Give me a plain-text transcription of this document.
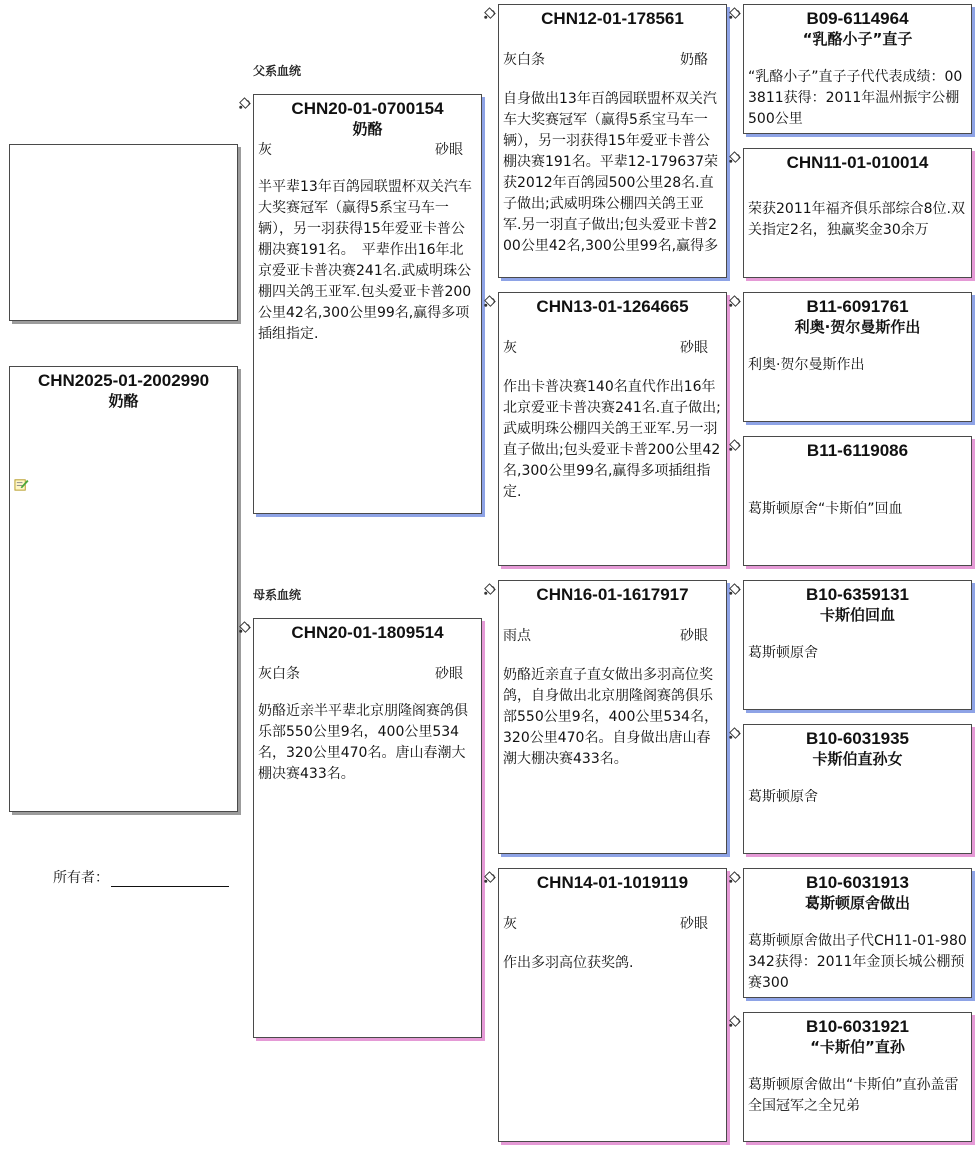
父系血统
母系血统
CHN2025-01-2002990
奶酪
所有者：
CHN20-01-0700154
奶酪
灰	砂眼
半平辈13年百鸽园联盟杯双关汽车大奖赛冠军（赢得5系宝马车一辆），另一羽获得15年爱亚卡普公棚决赛191名。　平辈作出16年北京爱亚卡普决赛241名.武威明珠公棚四关鸽王亚军.包头爱亚卡普200公里42名,300公里99名,赢得多项插组指定.
CHN20-01-1809514
灰白条	砂眼
奶酪近亲半平辈北京朋隆阁赛鸽俱乐部550公里9名，400公里534名，320公里470名。唐山春潮大棚决赛433名。
CHN12-01-178561
灰白条	奶酪
自身做出13年百鸽园联盟杯双关汽车大奖赛冠军（赢得5系宝马车一辆），另一羽获得15年爱亚卡普公棚决赛191名。平辈12-179637荣获2012年百鸽园500公里28名.直子做出;武威明珠公棚四关鸽王亚军.另一羽直子做出;包头爱亚卡普200公里42名,300公里99名,赢得多
CHN13-01-1264665
灰	砂眼
作出卡普决赛140名直代作出16年北京爱亚卡普决赛241名.直子做出;武威明珠公棚四关鸽王亚军.另一羽直子做出;包头爱亚卡普200公里42名,300公里99名,赢得多项插组指定.
CHN16-01-1617917
雨点	砂眼
奶酪近亲直子直女做出多羽高位奖鸽，自身做出北京朋隆阁赛鸽俱乐部550公里9名，400公里534名，320公里470名。自身做出唐山春潮大棚决赛433名。
CHN14-01-1019119
灰	砂眼
作出多羽高位获奖鸽.
B09-6114964
“乳酪小子”直子
“乳酪小子”直子子代代表成绩：003811获得：2011年温州振宇公棚500公里
CHN11-01-010014
荣获2011年福齐俱乐部综合8位.双关指定2名，独赢奖金30余万
B11-6091761
利奥·贺尔曼斯作出
利奥·贺尔曼斯作出
B11-6119086
葛斯顿原舍“卡斯伯”回血
B10-6359131
卡斯伯回血
葛斯顿原舍
B10-6031935
卡斯伯直孙女
葛斯顿原舍
B10-6031913
葛斯顿原舍做出
葛斯顿原舍做出子代CH11-01-980342获得：2011年金顶长城公棚预赛300
B10-6031921
“卡斯伯”直孙
葛斯顿原舍做出“卡斯伯”直孙盖雷全国冠军之全兄弟
